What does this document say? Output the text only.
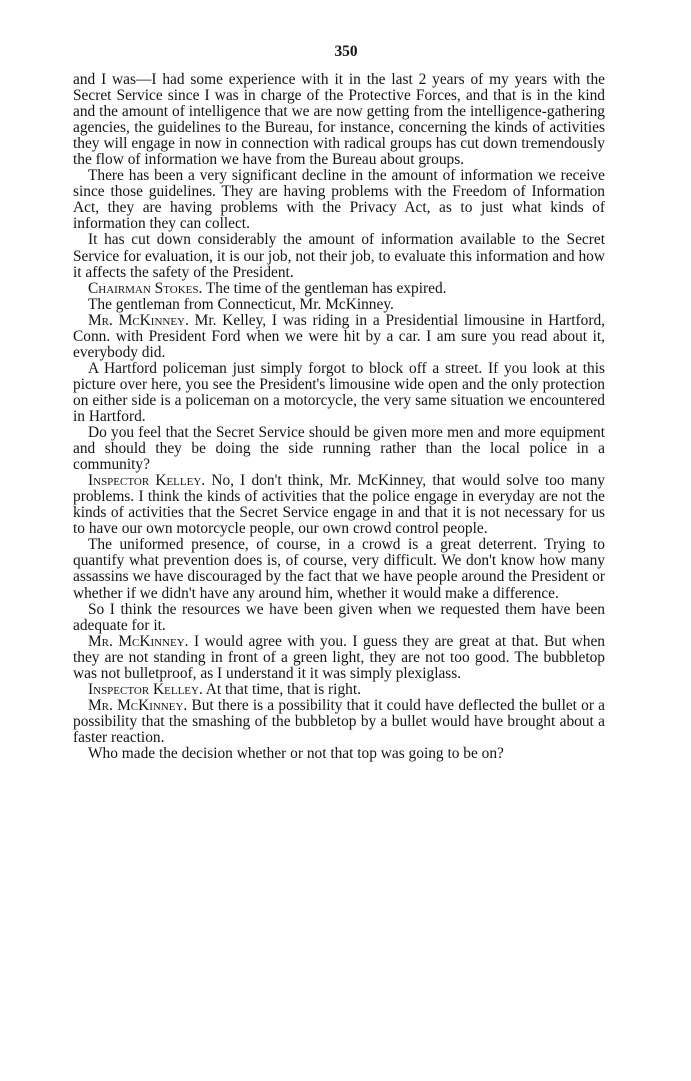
350

and I was—I had some experience with it in the last 2 years of my years with the Secret Service since I was in charge of the Protective Forces, and that is in the kind and the amount of intelligence that we are now getting from the intelligence-gathering agencies, the guidelines to the Bureau, for instance, concerning the kinds of activities they will engage in now in connection with radical groups has cut down tremendously the flow of information we have from the Bureau about groups.

There has been a very significant decline in the amount of information we receive since those guidelines. They are having problems with the Freedom of Information Act, they are having problems with the Privacy Act, as to just what kinds of information they can collect.

It has cut down considerably the amount of information available to the Secret Service for evaluation, it is our job, not their job, to evaluate this information and how it affects the safety of the President.

Chairman Stokes. The time of the gentleman has expired.

The gentleman from Connecticut, Mr. McKinney.

Mr. McKinney. Mr. Kelley, I was riding in a Presidential limousine in Hartford, Conn. with President Ford when we were hit by a car. I am sure you read about it, everybody did.

A Hartford policeman just simply forgot to block off a street. If you look at this picture over here, you see the President's limousine wide open and the only protection on either side is a policeman on a motorcycle, the very same situation we encountered in Hartford.

Do you feel that the Secret Service should be given more men and more equipment and should they be doing the side running rather than the local police in a community?

Inspector Kelley. No, I don't think, Mr. McKinney, that would solve too many problems. I think the kinds of activities that the police engage in everyday are not the kinds of activities that the Secret Service engage in and that it is not necessary for us to have our own motorcycle people, our own crowd control people.

The uniformed presence, of course, in a crowd is a great deterrent. Trying to quantify what prevention does is, of course, very difficult. We don't know how many assassins we have discouraged by the fact that we have people around the President or whether if we didn't have any around him, whether it would make a difference.

So I think the resources we have been given when we requested them have been adequate for it.

Mr. McKinney. I would agree with you. I guess they are great at that. But when they are not standing in front of a green light, they are not too good. The bubbletop was not bulletproof, as I understand it it was simply plexiglass.

Inspector Kelley. At that time, that is right.

Mr. McKinney. But there is a possibility that it could have deflected the bullet or a possibility that the smashing of the bubbletop by a bullet would have brought about a faster reaction.

Who made the decision whether or not that top was going to be on?
